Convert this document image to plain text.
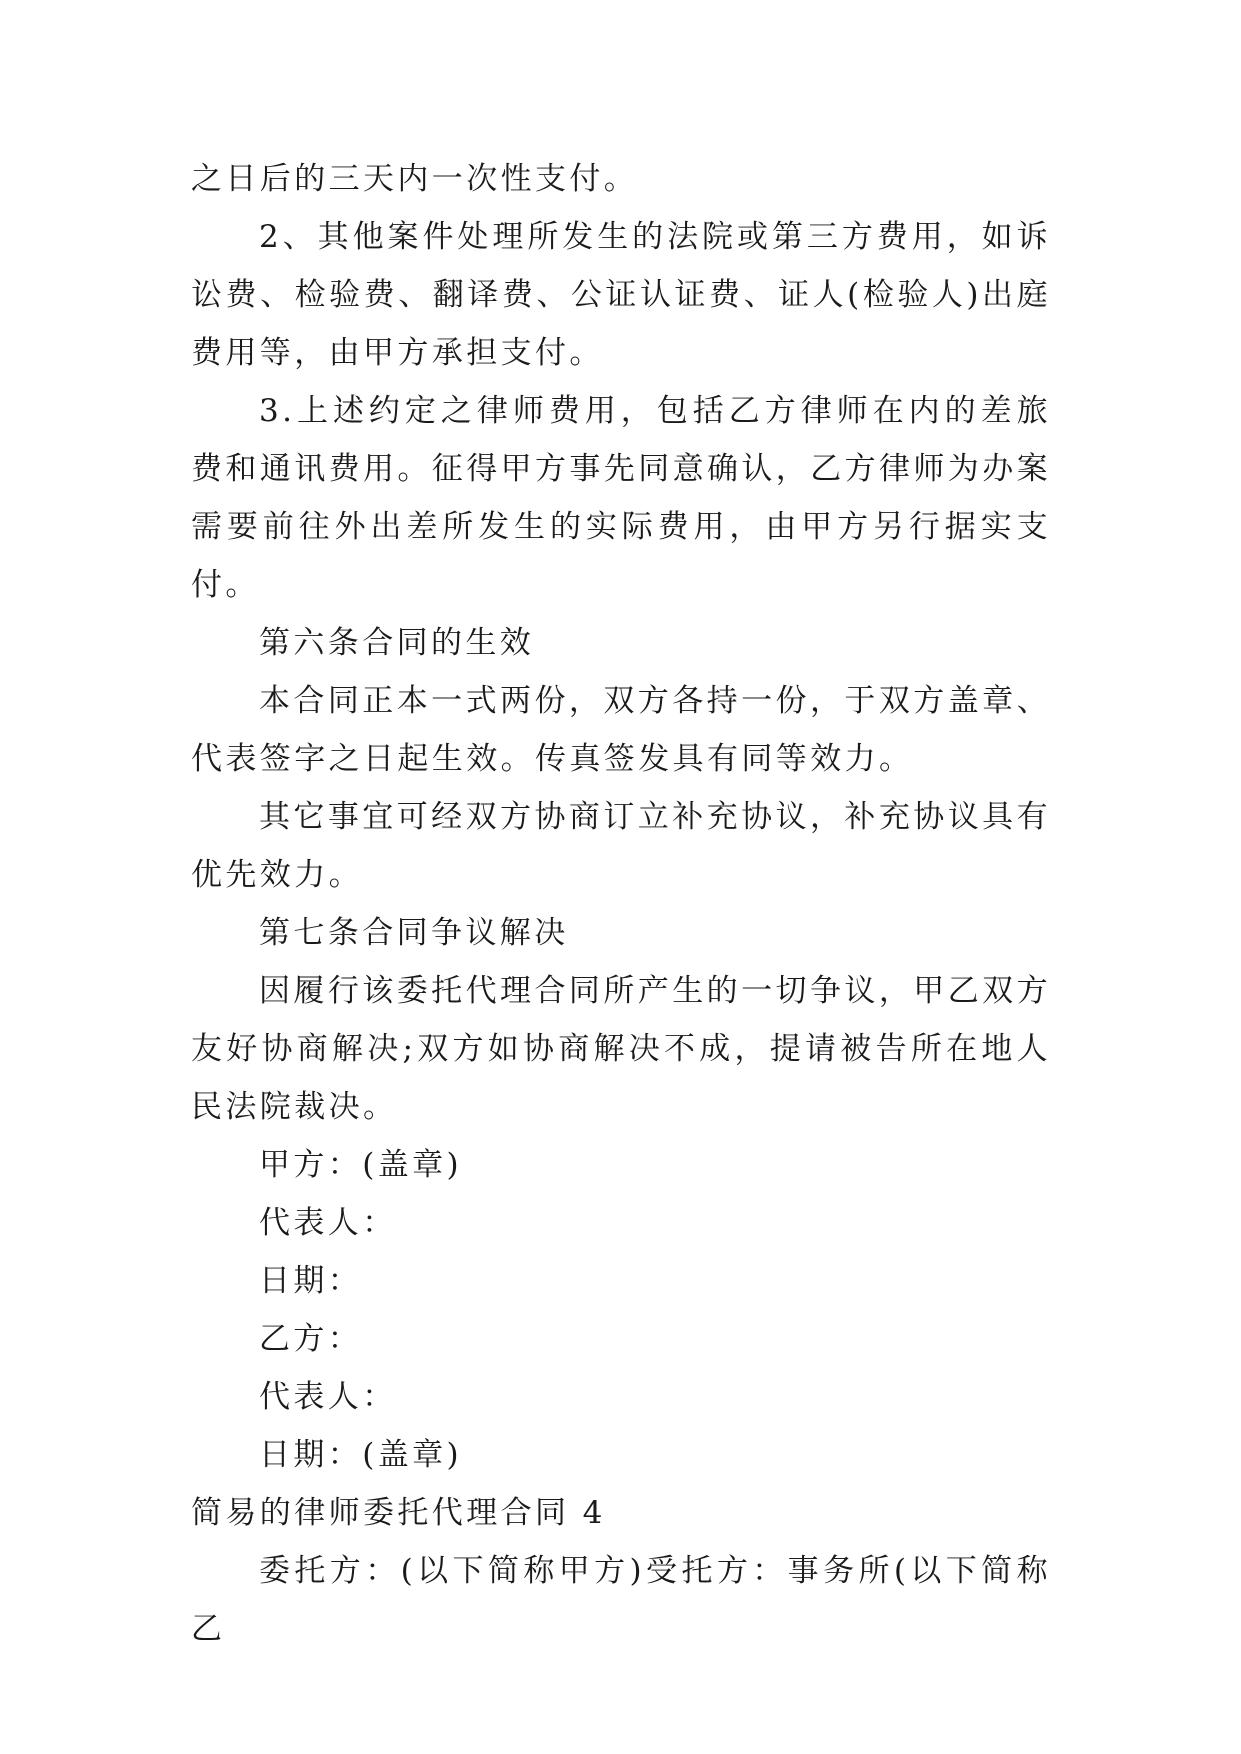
之日后的三天内一次性支付。

2、其他案件处理所发生的法院或第三方费用，如诉讼费、检验费、翻译费、公证认证费、证人(检验人)出庭费用等，由甲方承担支付。

3.上述约定之律师费用，包括乙方律师在内的差旅费和通讯费用。征得甲方事先同意确认，乙方律师为办案需要前往外出差所发生的实际费用，由甲方另行据实支付。

第六条合同的生效

本合同正本一式两份，双方各持一份，于双方盖章、代表签字之日起生效。传真签发具有同等效力。

其它事宜可经双方协商订立补充协议，补充协议具有优先效力。

第七条合同争议解决

因履行该委托代理合同所产生的一切争议，甲乙双方友好协商解决;双方如协商解决不成，提请被告所在地人民法院裁决。

甲方：(盖章)

代表人：

日期：

乙方：

代表人：

日期：(盖章)

简易的律师委托代理合同 4

委托方：(以下简称甲方)受托方：事务所(以下简称乙
